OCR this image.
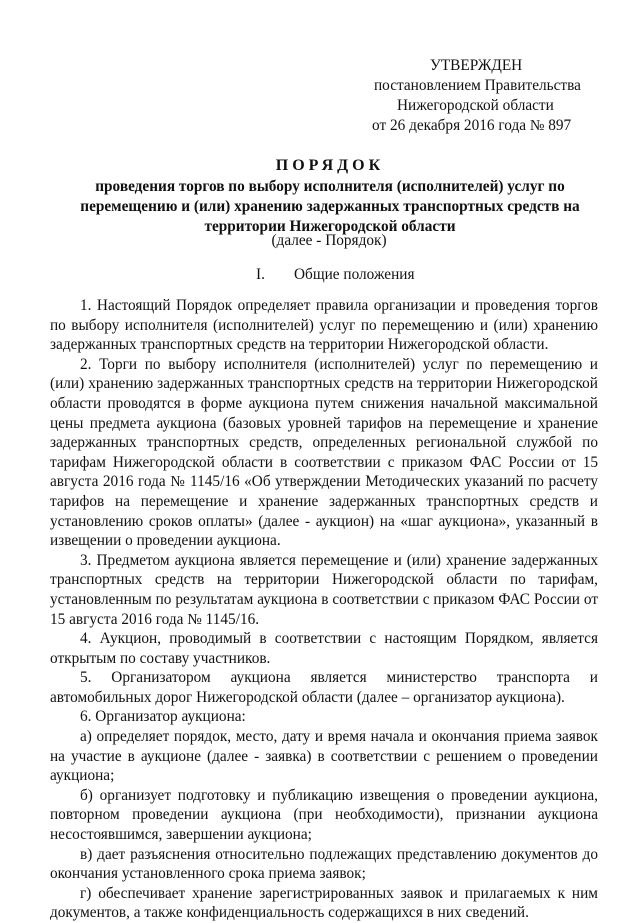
УТВЕРЖДЕН
постановлением Правительства
Нижегородской области
от 26 декабря 2016 года № 897
ПОРЯДОК
проведения торгов по выбору исполнителя (исполнителей) услуг по
перемещению и (или) хранению задержанных транспортных средств на
территории Нижегородской области
(далее - Порядок)
I. Общие положения

1. Настоящий Порядок определяет правила организации и проведения торгов по выбору исполнителя (исполнителей) услуг по перемещению и (или) хранению задержанных транспортных средств на территории Нижегородской области.

2. Торги по выбору исполнителя (исполнителей) услуг по перемещению и (или) хранению задержанных транспортных средств на территории Нижегородской области проводятся в форме аукциона путем снижения начальной максимальной цены предмета аукциона (базовых уровней тарифов на перемещение и хранение задержанных транспортных средств, определенных региональной службой по тарифам Нижегородской области в соответствии с приказом ФАС России от 15 августа 2016 года № 1145/16 «Об утверждении Методических указаний по расчету тарифов на перемещение и хранение задержанных транспортных средств и установлению сроков оплаты» (далее - аукцион) на «шаг аукциона», указанный в извещении о проведении аукциона.

3. Предметом аукциона является перемещение и (или) хранение задержанных транспортных средств на территории Нижегородской области по тарифам, установленным по результатам аукциона в соответствии с приказом ФАС России от 15 августа 2016 года № 1145/16.

4. Аукцион, проводимый в соответствии с настоящим Порядком, является открытым по составу участников.

5. Организатором аукциона является министерство транспорта и автомобильных дорог Нижегородской области (далее – организатор аукциона).

6. Организатор аукциона:

а) определяет порядок, место, дату и время начала и окончания приема заявок на участие в аукционе (далее - заявка) в соответствии с решением о проведении аукциона;

б) организует подготовку и публикацию извещения о проведении аукциона, повторном проведении аукциона (при необходимости), признании аукциона несостоявшимся, завершении аукциона;

в) дает разъяснения относительно подлежащих представлению документов до окончания установленного срока приема заявок;

г) обеспечивает хранение зарегистрированных заявок и прилагаемых к ним документов, а также конфиденциальность содержащихся в них сведений.
